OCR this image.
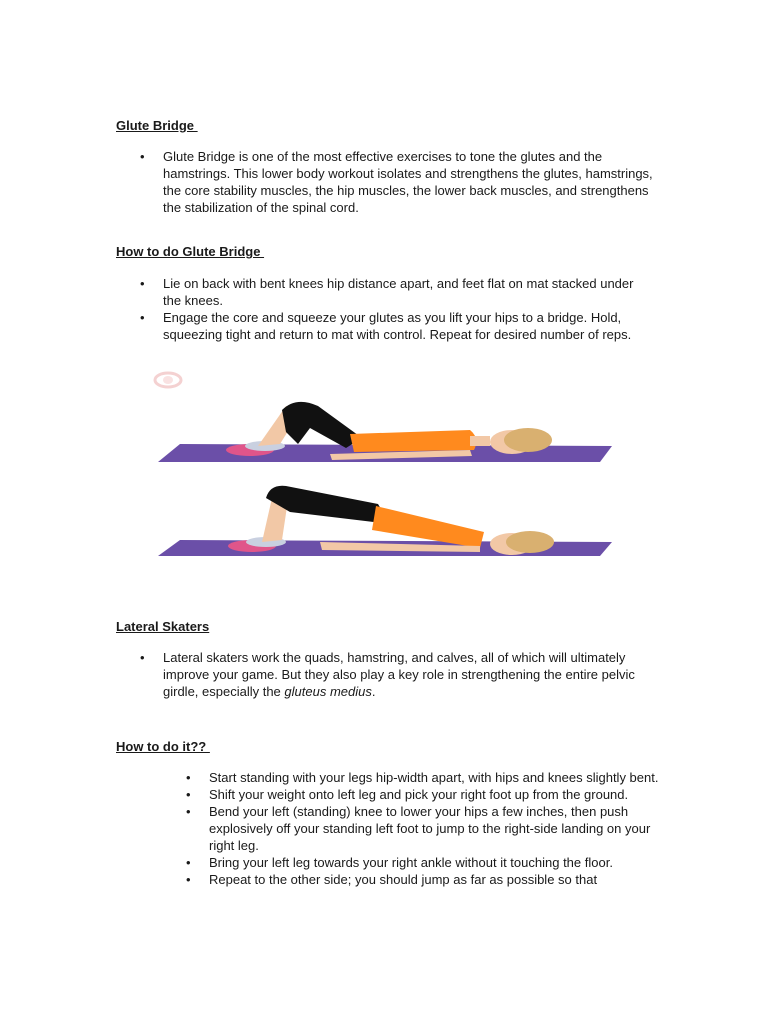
Glute Bridge
• Glute Bridge is one of the most effective exercises to tone the glutes and the hamstrings. This lower body workout isolates and strengthens the glutes, hamstrings, the core stability muscles, the hip muscles, the lower back muscles, and strengthens the stabilization of the spinal cord.
How to do Glute Bridge
• Lie on back with bent knees hip distance apart, and feet flat on mat stacked under the knees.
• Engage the core and squeeze your glutes as you lift your hips to a bridge. Hold, squeezing tight and return to mat with control. Repeat for desired number of reps.
Lateral Skaters
• Lateral skaters work the quads, hamstring, and calves, all of which will ultimately improve your game. But they also play a key role in strengthening the entire pelvic girdle, especially the gluteus medius.
How to do it??
• Start standing with your legs hip-width apart, with hips and knees slightly bent.
• Shift your weight onto left leg and pick your right foot up from the ground.
• Bend your left (standing) knee to lower your hips a few inches, then push explosively off your standing left foot to jump to the right-side landing on your right leg.
• Bring your left leg towards your right ankle without it touching the floor.
• Repeat to the other side; you should jump as far as possible so that
